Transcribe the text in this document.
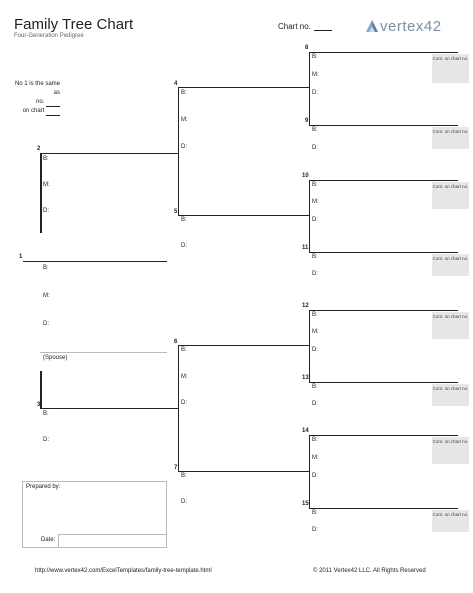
Family Tree Chart
Four-Generation Pedigree
Chart no.	vertex42
No 1 is the same as
no.
on chart
1
B:
M:
D:
(Spouse)
2
B:
M:
D:
3
B:
D:
4
B:
M:
D:
5
B:
D:
6
B:
M:
D:
7
B:
D:
8
B:
M:
D:
Cont. on chart no.
9
B:
D:
Cont. on chart no.
10
B:
M:
D:
Cont. on chart no.
11
B:
D:
Cont. on chart no.
12
B:
M:
D:
Cont. on chart no.
13
B:
D:
Cont. on chart no.
14
B:
M:
D:
Cont. on chart no.
15
B:
D:
Cont. on chart no.
Prepared by:
Date:
http://www.vertex42.com/ExcelTemplates/family-tree-template.html	© 2011 Vertex42 LLC. All Rights Reserved
